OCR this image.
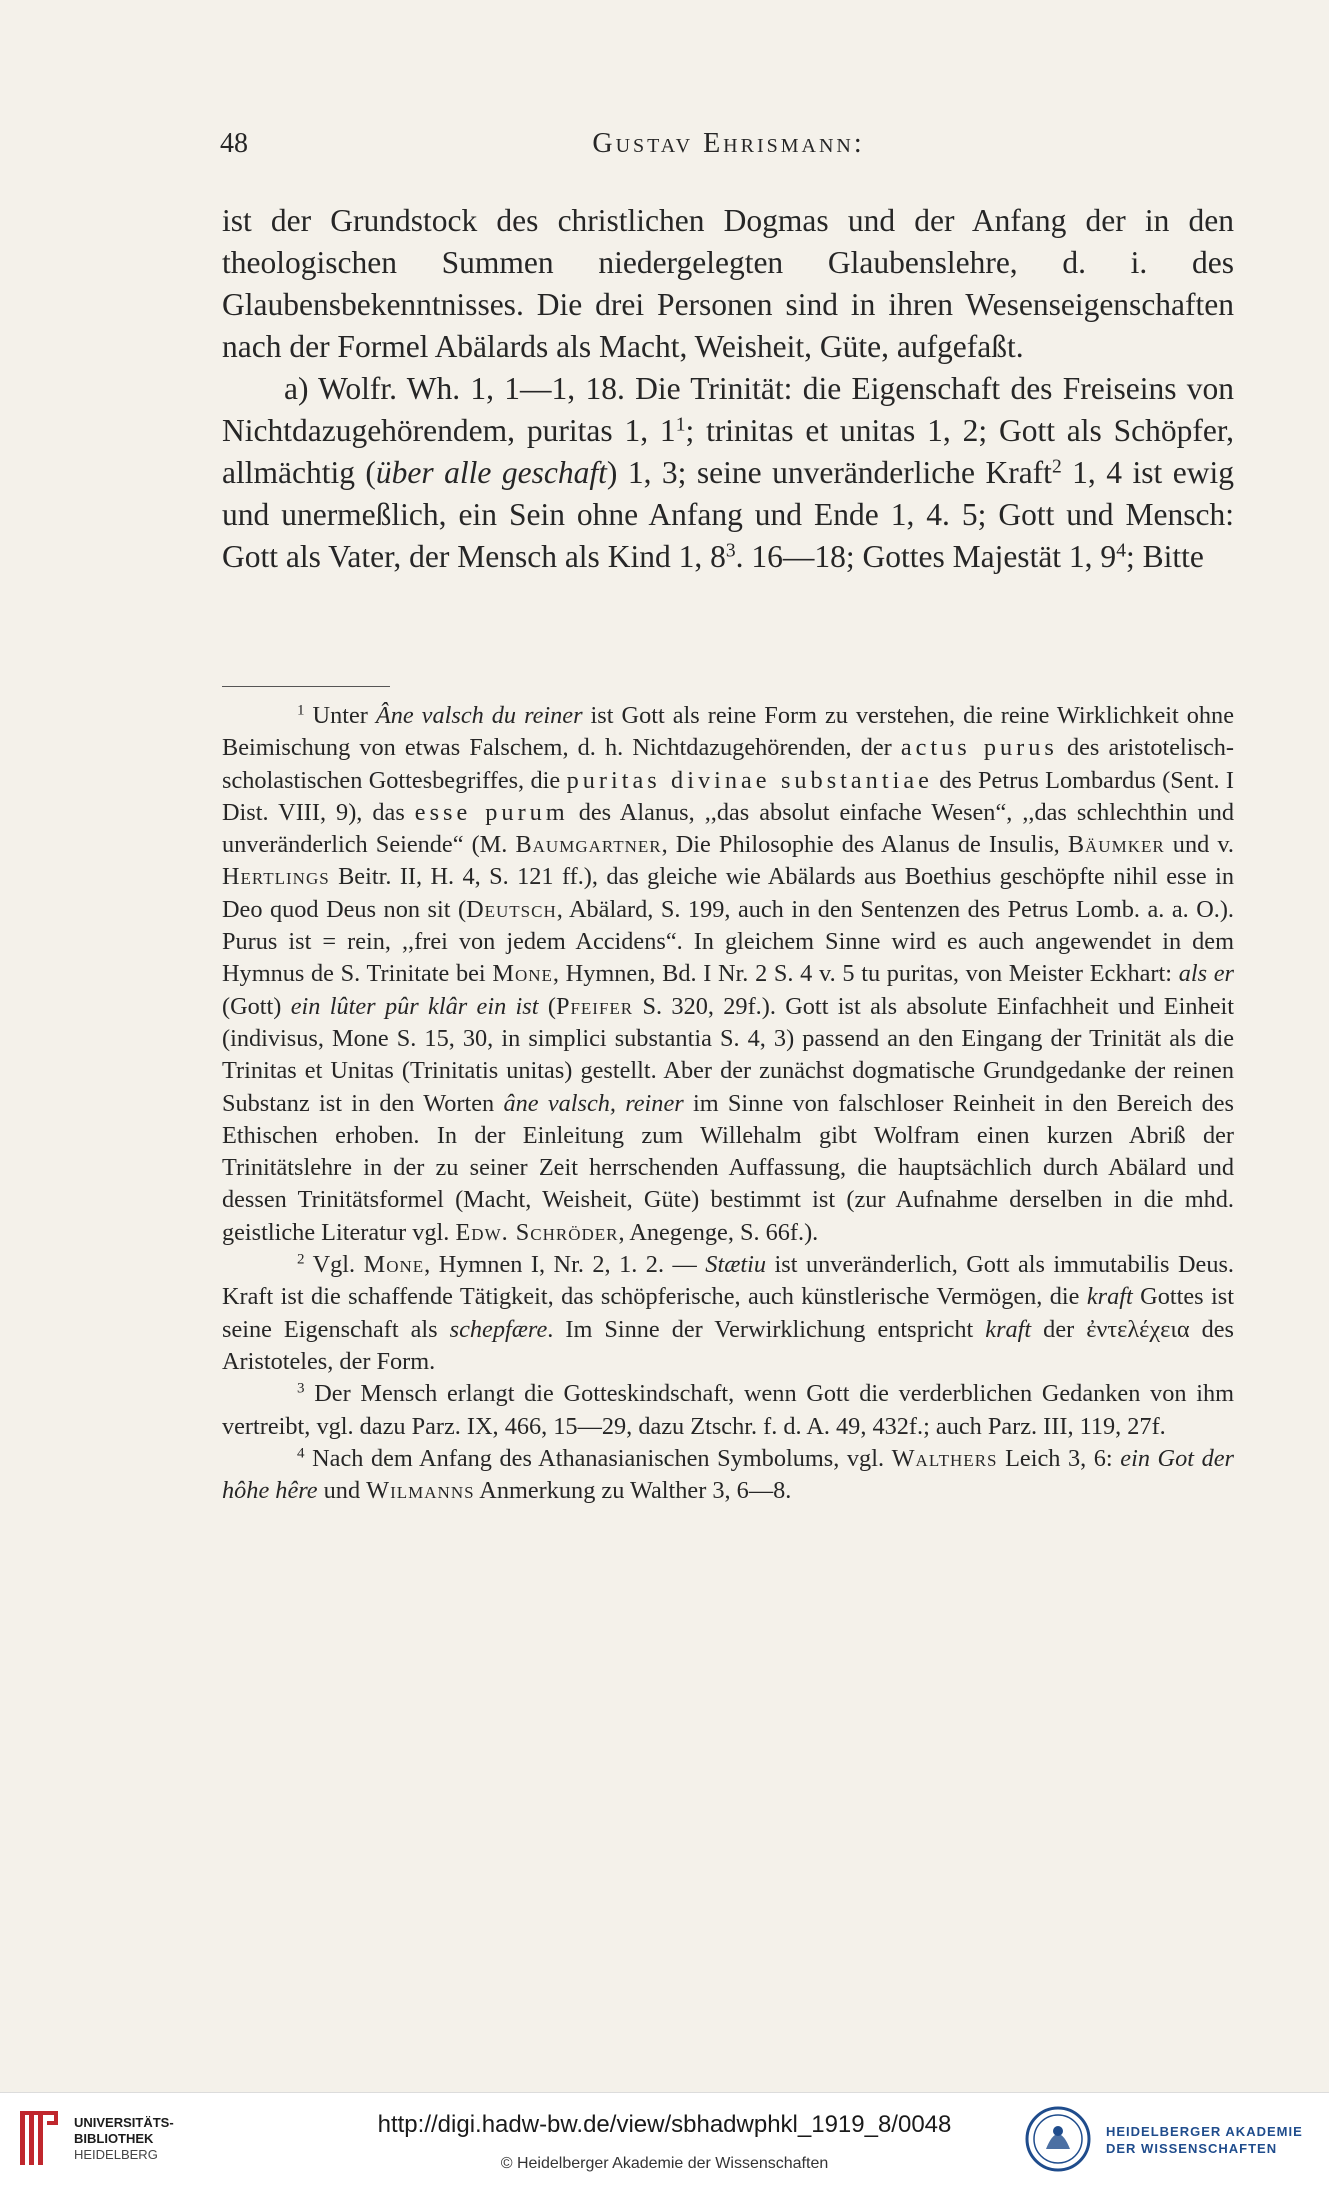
48	Gustav Ehrismann:

ist der Grundstock des christlichen Dogmas und der Anfang der in den theologischen Summen niedergelegten Glaubenslehre, d. i. des Glaubensbekenntnisses. Die drei Personen sind in ihren Wesenseigenschaften nach der Formel Abälards als Macht, Weisheit, Güte, aufgefaßt.

a) Wolfr. Wh. 1, 1—1, 18. Die Trinität: die Eigenschaft des Freiseins von Nichtdazugehörendem, puritas 1, $1^1$; trinitas et unitas 1, 2; Gott als Schöpfer, allmächtig (über alle geschaft) 1, 3; seine unveränderliche Kraft$^2$ 1, 4 ist ewig und unermeßlich, ein Sein ohne Anfang und Ende 1, 4. 5; Gott und Mensch: Gott als Vater, der Mensch als Kind 1, $8^3$. 16—18; Gottes Majestät 1, $9^4$; Bitte

$^1$ Unter Âne valsch du reiner ist Gott als reine Form zu verstehen, die reine Wirklichkeit ohne Beimischung von etwas Falschem, d. h. Nichtdazugehörenden, der actus purus des aristotelisch-scholastischen Gottesbegriffes, die puritas divinae substantiae des Petrus Lombardus (Sent. I Dist. VIII, 9), das esse purum des Alanus, ,,das absolut einfache Wesen“, ,,das schlechthin und unveränderlich Seiende“ (M. Baumgartner, Die Philosophie des Alanus de Insulis, Bäumker und v. Hertlings Beitr. II, H. 4, S. 121 ff.), das gleiche wie Abälards aus Boethius geschöpfte nihil esse in Deo quod Deus non sit (Deutsch, Abälard, S. 199, auch in den Sentenzen des Petrus Lomb. a. a. O.). Purus ist = rein, ,,frei von jedem Accidens“. In gleichem Sinne wird es auch angewendet in dem Hymnus de S. Trinitate bei Mone, Hymnen, Bd. I Nr. 2 S. 4 v. 5 tu puritas, von Meister Eckhart: als er (Gott) ein lûter pûr klâr ein ist (Pfeifer S. 320, 29f.). Gott ist als absolute Einfachheit und Einheit (indivisus, Mone S. 15, 30, in simplici substantia S. 4, 3) passend an den Eingang der Trinität als die Trinitas et Unitas (Trinitatis unitas) gestellt. Aber der zunächst dogmatische Grundgedanke der reinen Substanz ist in den Worten âne valsch, reiner im Sinne von falschloser Reinheit in den Bereich des Ethischen erhoben. In der Einleitung zum Willehalm gibt Wolfram einen kurzen Abriß der Trinitätslehre in der zu seiner Zeit herrschenden Auffassung, die hauptsächlich durch Abälard und dessen Trinitätsformel (Macht, Weisheit, Güte) bestimmt ist (zur Aufnahme derselben in die mhd. geistliche Literatur vgl. Edw. Schröder, Anegenge, S. 66f.).

$^2$ Vgl. Mone, Hymnen I, Nr. 2, 1. 2. — Stætiu ist unveränderlich, Gott als immutabilis Deus. Kraft ist die schaffende Tätigkeit, das schöpferische, auch künstlerische Vermögen, die kraft Gottes ist seine Eigenschaft als schepfære. Im Sinne der Verwirklichung entspricht kraft der ἐντελέχεια des Aristoteles, der Form.

$^3$ Der Mensch erlangt die Gotteskindschaft, wenn Gott die verderblichen Gedanken von ihm vertreibt, vgl. dazu Parz. IX, 466, 15—29, dazu Ztschr. f. d. A. 49, 432f.; auch Parz. III, 119, 27f.

$^4$ Nach dem Anfang des Athanasianischen Symbolums, vgl. Walthers Leich 3, 6: ein Got der hôhe hêre und Wilmanns Anmerkung zu Walther 3, 6—8.

UNIVERSITÄTS-
BIBLIOTHEK
HEIDELBERG
http://digi.hadw-bw.de/view/sbhadwphkl_1919_8/0048
© Heidelberger Akademie der Wissenschaften
HEIDELBERGER AKADEMIE
DER WISSENSCHAFTEN
